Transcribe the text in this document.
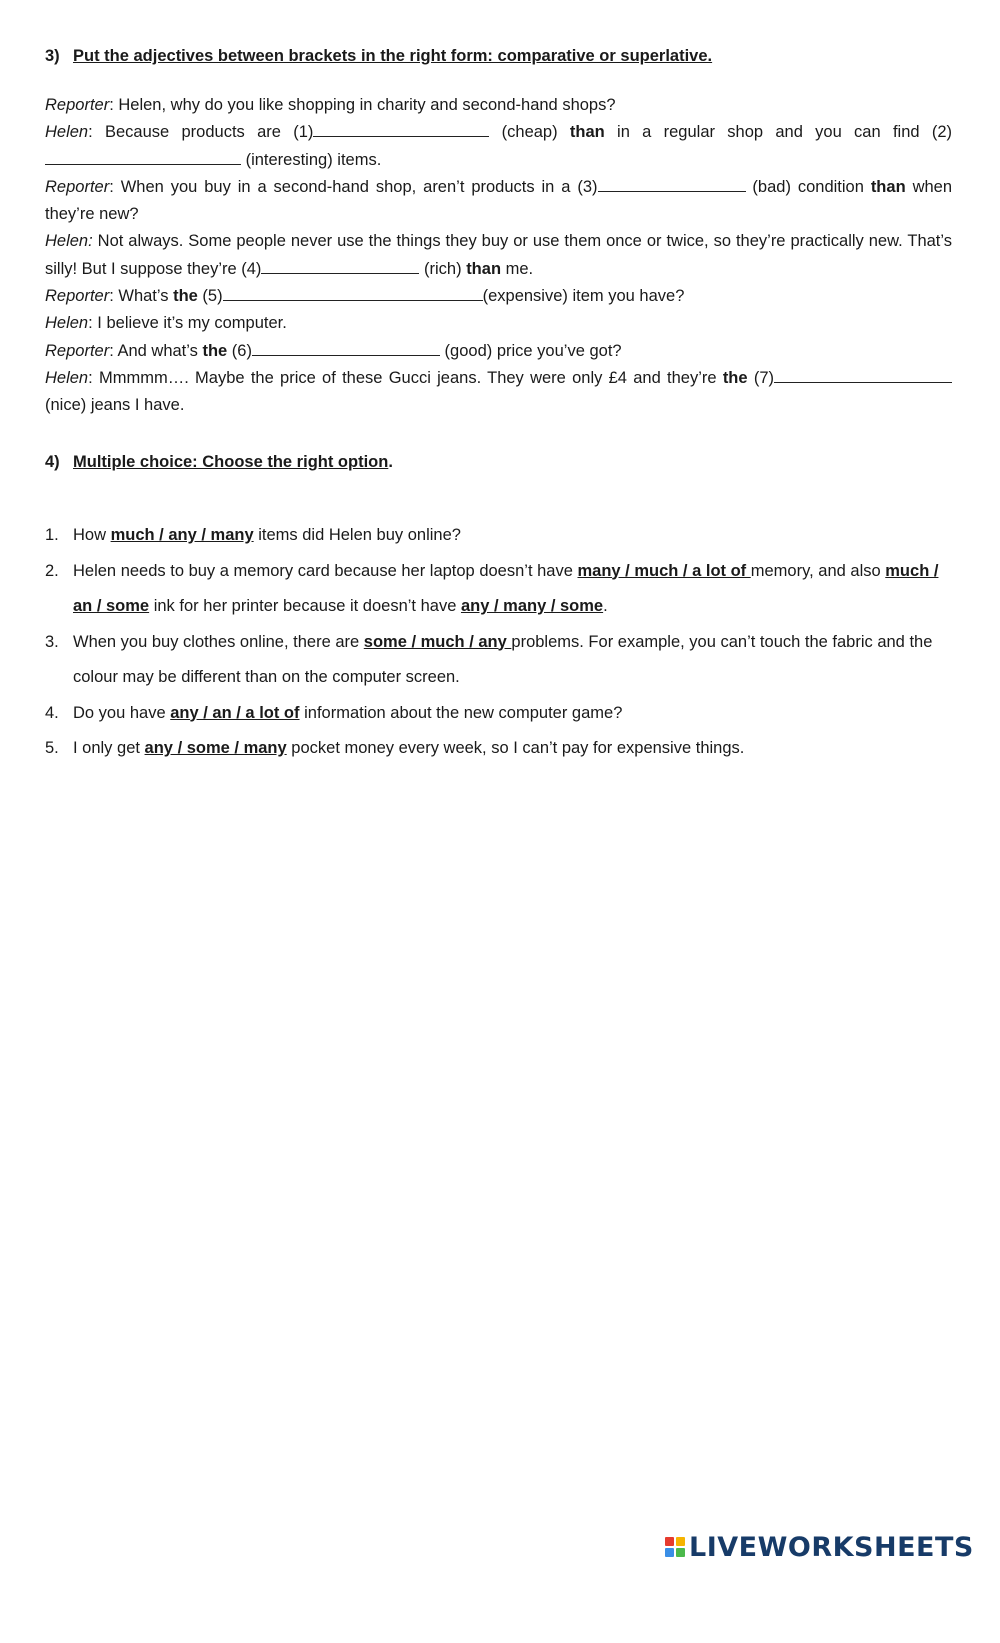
3) Put the adjectives between brackets in the right form: comparative or superlative.

Reporter: Helen, why do you like shopping in charity and second-hand shops?

Helen: Because products are (1)	(cheap) than in a regular shop and you can find (2) (interesting) items.

Reporter: When you buy in a second-hand shop, aren’t products in a (3)	(bad) condition than when they’re new?

Helen: Not always. Some people never use the things they buy or use them once or twice, so they’re practically new. That’s silly! But I suppose they’re (4)	(rich) than me.

Reporter: What’s the (5)	(expensive) item you have?

Helen: I believe it’s my computer.

Reporter: And what’s the (6)	(good) price you’ve got?

Helen: Mmmmm…. Maybe the price of these Gucci jeans. They were only £4 and they’re the (7) (nice) jeans I have.

4) Multiple choice: Choose the right option.
1. How much / any / many items did Helen buy online?
2. Helen needs to buy a memory card because her laptop doesn’t have many / much / a lot of memory, and also much / an / some ink for her printer because it doesn’t have any / many / some.
3. When you buy clothes online, there are some / much / any problems. For example, you can’t touch the fabric and the colour may be different than on the computer screen.
4. Do you have any / an / a lot of information about the new computer game?
5. I only get any / some / many pocket money every week, so I can’t pay for expensive things.
LIVEWORKSHEETS
